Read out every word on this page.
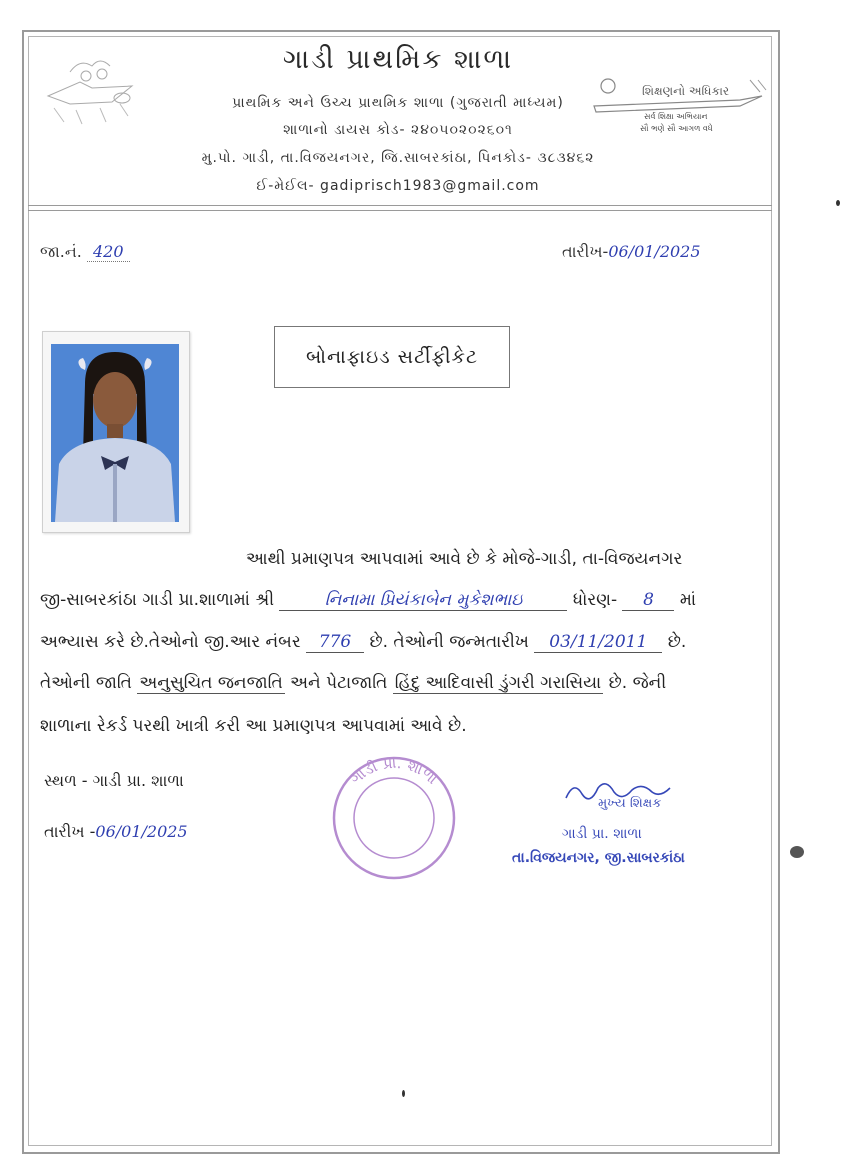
ગાડી પ્રાથમિક શાળા
પ્રાથમિક અને ઉચ્ચ પ્રાથમિક શાળા (ગુજરાતી માધ્યમ)
શાળાનો ડાયસ કોડ- ૨૪૦૫૦૨૦૨૬૦૧
મુ.પો. ગાડી, તા.વિજયનગર, જિ.સાબરકાંઠા, પિનકોડ- ૩૮૩૪૬૨
ઈ-મેઈલ- gadiprisch1983@gmail.com
શિક્ષણનો અધિકાર
સર્વ શિક્ષા અભિયાન
સૌ ભણે સૌ આગળ વધે
જા.નં. 420	તારીખ-06/01/2025
બોનાફાઇડ સર્ટીફીકેટ
આથી પ્રમાણપત્ર આપવામાં આવે છે કે મોજે-ગાડી, તા-વિજયનગર
જી-સાબરકાંઠા ગાડી પ્રા.શાળામાં શ્રી	નિનામા પ્રિયંકાબેન મુકેશભાઇ	ધોરણ- 8 માં
અભ્યાસ કરે છે.તેઓનો જી.આર નંબર 776 છે. તેઓની જન્મતારીખ 03/11/2011 છે.
તેઓની જાતિ અનુસુચિત જનજાતિ અને પેટાજાતિ હિંદુ આદિવાસી ડુંગરી ગરાસિયા છે. જેની
શાળાના રેકર્ડ પરથી ખાત્રી કરી આ પ્રમાણપત્ર આપવામાં આવે છે.
સ્થળ - ગાડી પ્રા. શાળા
તારીખ -06/01/2025
ગાડી પ્રા. શાળા
મુખ્ય શિક્ષક
ગાડી પ્રા. શાળા
તા.વિજયનગર, જી.સાબરકાંઠા
